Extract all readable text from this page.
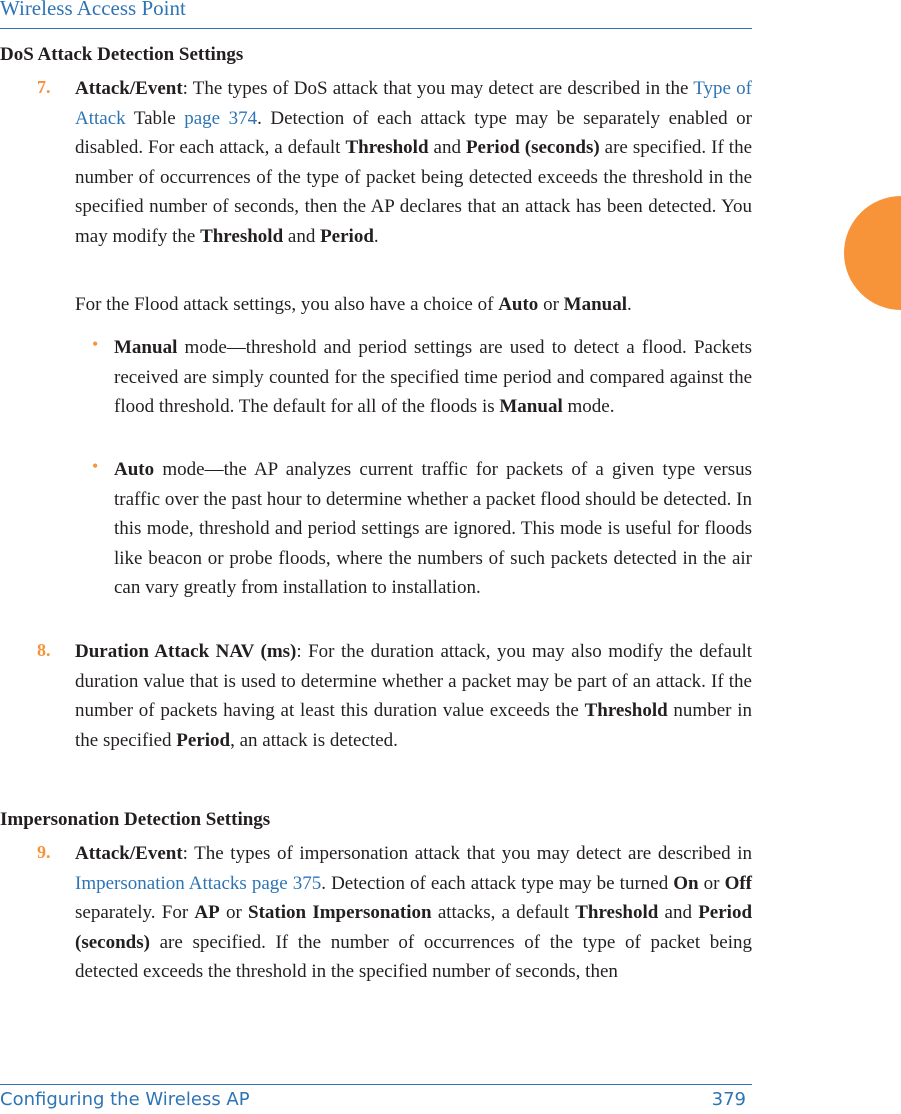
Wireless Access Point
DoS Attack Detection Settings
7. Attack/Event: The types of DoS attack that you may detect are described in the Type of Attack Table page 374. Detection of each attack type may be separately enabled or disabled. For each attack, a default Threshold and Period (seconds) are specified. If the number of occurrences of the type of packet being detected exceeds the threshold in the specified number of seconds, then the AP declares that an attack has been detected. You may modify the Threshold and Period.

For the Flood attack settings, you also have a choice of Auto or Manual.

• Manual mode—threshold and period settings are used to detect a flood. Packets received are simply counted for the specified time period and compared against the flood threshold. The default for all of the floods is Manual mode.

• Auto mode—the AP analyzes current traffic for packets of a given type versus traffic over the past hour to determine whether a packet flood should be detected. In this mode, threshold and period settings are ignored. This mode is useful for floods like beacon or probe floods, where the numbers of such packets detected in the air can vary greatly from installation to installation.

8. Duration Attack NAV (ms): For the duration attack, you may also modify the default duration value that is used to determine whether a packet may be part of an attack. If the number of packets having at least this duration value exceeds the Threshold number in the specified Period, an attack is detected.

Impersonation Detection Settings
9. Attack/Event: The types of impersonation attack that you may detect are described in Impersonation Attacks page 375. Detection of each attack type may be turned On or Off separately. For AP or Station Impersonation attacks, a default Threshold and Period (seconds) are specified. If the number of occurrences of the type of packet being detected exceeds the threshold in the specified number of seconds, then

Configuring the Wireless AP	379
